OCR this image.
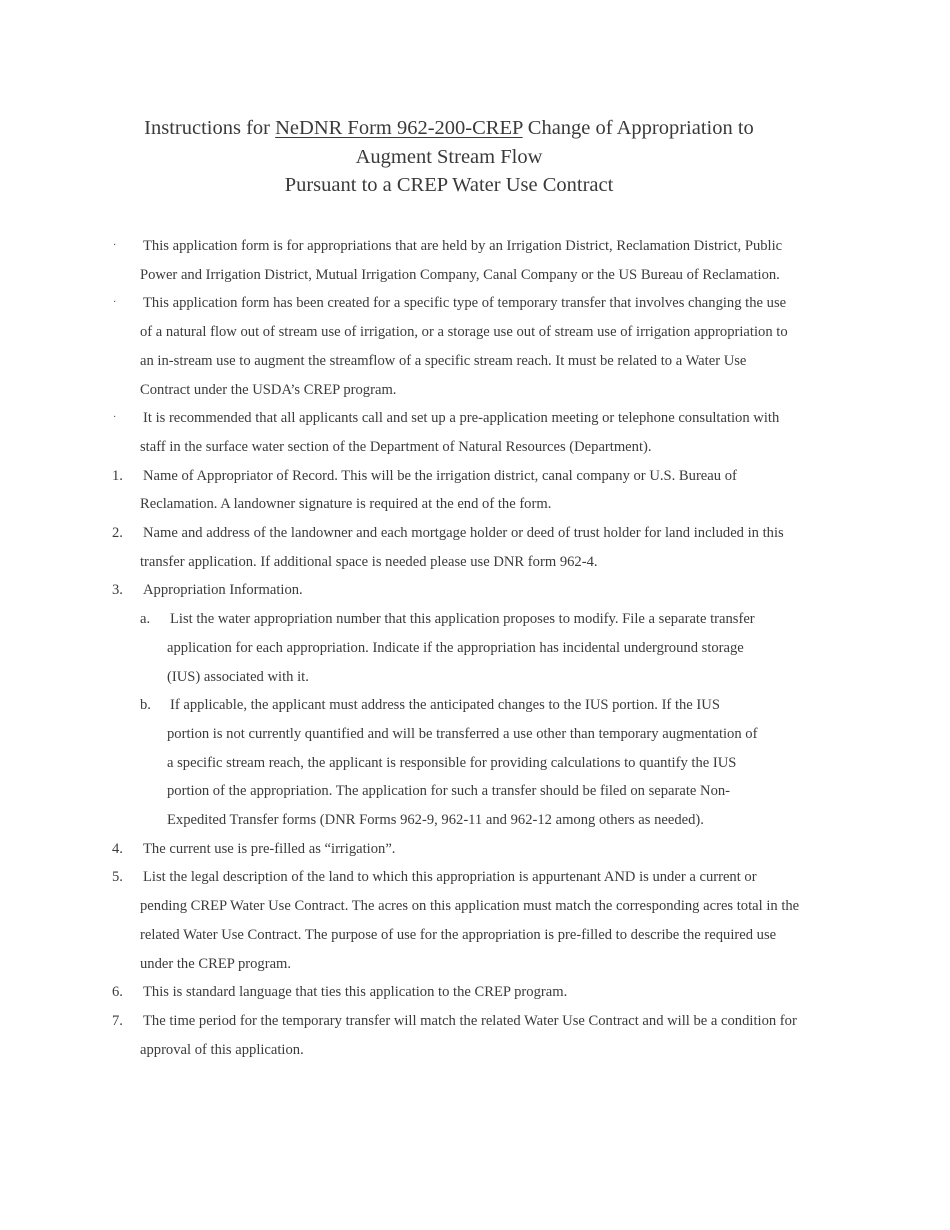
Instructions for NeDNR Form 962-200-CREP Change of Appropriation to
Augment Stream Flow
Pursuant to a CREP Water Use Contract
·	This application form is for appropriations that are held by an Irrigation District, Reclamation District, Public Power and Irrigation District, Mutual Irrigation Company, Canal Company or the US Bureau of Reclamation.
·	This application form has been created for a specific type of temporary transfer that involves changing the use of a natural flow out of stream use of irrigation, or a storage use out of stream use of irrigation appropriation to an in-stream use to augment the streamflow of a specific stream reach. It must be related to a Water Use Contract under the USDA’s CREP program.
·	It is recommended that all applicants call and set up a pre-application meeting or telephone consultation with staff in the surface water section of the Department of Natural Resources (Department).
1.	Name of Appropriator of Record. This will be the irrigation district, canal company or U.S. Bureau of Reclamation. A landowner signature is required at the end of the form.
2.	Name and address of the landowner and each mortgage holder or deed of trust holder for land included in this transfer application. If additional space is needed please use DNR form 962-4.
3.	Appropriation Information.
a.	List the water appropriation number that this application proposes to modify. File a separate transfer application for each appropriation. Indicate if the appropriation has incidental underground storage (IUS) associated with it.
b.	If applicable, the applicant must address the anticipated changes to the IUS portion. If the IUS portion is not currently quantified and will be transferred a use other than temporary augmentation of a specific stream reach, the applicant is responsible for providing calculations to quantify the IUS portion of the appropriation. The application for such a transfer should be filed on separate Non-Expedited Transfer forms (DNR Forms 962-9, 962-11 and 962-12 among others as needed).
4.	The current use is pre-filled as “irrigation”.
5.	List the legal description of the land to which this appropriation is appurtenant AND is under a current or pending CREP Water Use Contract. The acres on this application must match the corresponding acres total in the related Water Use Contract. The purpose of use for the appropriation is pre-filled to describe the required use under the CREP program.
6.	This is standard language that ties this application to the CREP program.
7.	The time period for the temporary transfer will match the related Water Use Contract and will be a condition for approval of this application.
